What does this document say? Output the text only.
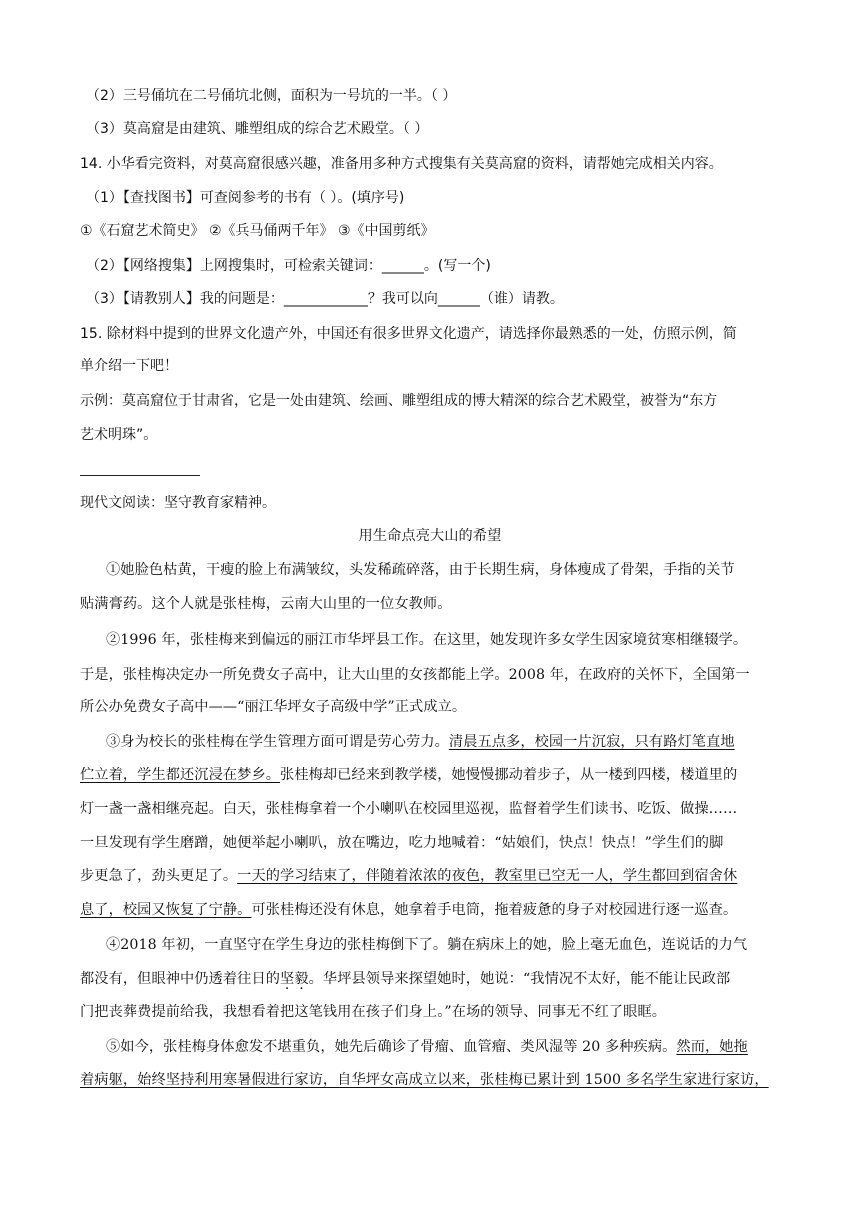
（2）三号俑坑在二号俑坑北侧，面积为一号坑的一半。（ ）
（3）莫高窟是由建筑、雕塑组成的综合艺术殿堂。（ ）
14. 小华看完资料，对莫高窟很感兴趣，准备用多种方式搜集有关莫高窟的资料，请帮她完成相关内容。
（1）【查找图书】可查阅参考的书有（ ）。(填序号)
①《石窟艺术简史》 ②《兵马俑两千年》 ③《中国剪纸》
（2）【网络搜集】上网搜集时，可检索关键词：______。(写一个)
（3）【请教别人】我的问题是：____________？我可以向______（谁）请教。
15. 除材料中提到的世界文化遗产外，中国还有很多世界文化遗产，请选择你最熟悉的一处，仿照示例，简
单介绍一下吧！
示例：莫高窟位于甘肃省，它是一处由建筑、绘画、雕塑组成的博大精深的综合艺术殿堂，被誉为“东方
艺术明珠”。
现代文阅读：坚守教育家精神。
用生命点亮大山的希望
①她脸色枯黄，干瘦的脸上布满皱纹，头发稀疏碎落，由于长期生病，身体瘦成了骨架，手指的关节
贴满膏药。这个人就是张桂梅，云南大山里的一位女教师。
②1996 年，张桂梅来到偏远的丽江市华坪县工作。在这里，她发现许多女学生因家境贫寒相继辍学。
于是，张桂梅决定办一所免费女子高中，让大山里的女孩都能上学。2008 年，在政府的关怀下，全国第一
所公办免费女子高中——“丽江华坪女子高级中学”正式成立。
③身为校长的张桂梅在学生管理方面可谓是劳心劳力。清晨五点多，校园一片沉寂，只有路灯笔直地
伫立着，学生都还沉浸在梦乡。张桂梅却已经来到教学楼，她慢慢挪动着步子，从一楼到四楼，楼道里的
灯一盏一盏相继亮起。白天，张桂梅拿着一个小喇叭在校园里巡视，监督着学生们读书、吃饭、做操……
一旦发现有学生磨蹭，她便举起小喇叭，放在嘴边，吃力地喊着：“姑娘们，快点！快点！”学生们的脚
步更急了，劲头更足了。一天的学习结束了，伴随着浓浓的夜色，教室里已空无一人，学生都回到宿舍休
息了，校园又恢复了宁静。可张桂梅还没有休息，她拿着手电筒，拖着疲惫的身子对校园进行逐一巡查。
④2018 年初，一直坚守在学生身边的张桂梅倒下了。躺在病床上的她，脸上毫无血色，连说话的力气
都没有，但眼神中仍透着往日的坚毅。华坪县领导来探望她时，她说：“我情况不太好，能不能让民政部
门把丧葬费提前给我，我想看着把这笔钱用在孩子们身上。”在场的领导、同事无不红了眼眶。
⑤如今，张桂梅身体愈发不堪重负，她先后确诊了骨瘤、血管瘤、类风湿等 20 多种疾病。然而，她拖
着病躯，始终坚持利用寒暑假进行家访，自华坪女高成立以来，张桂梅已累计到 1500 多名学生家进行家访，
